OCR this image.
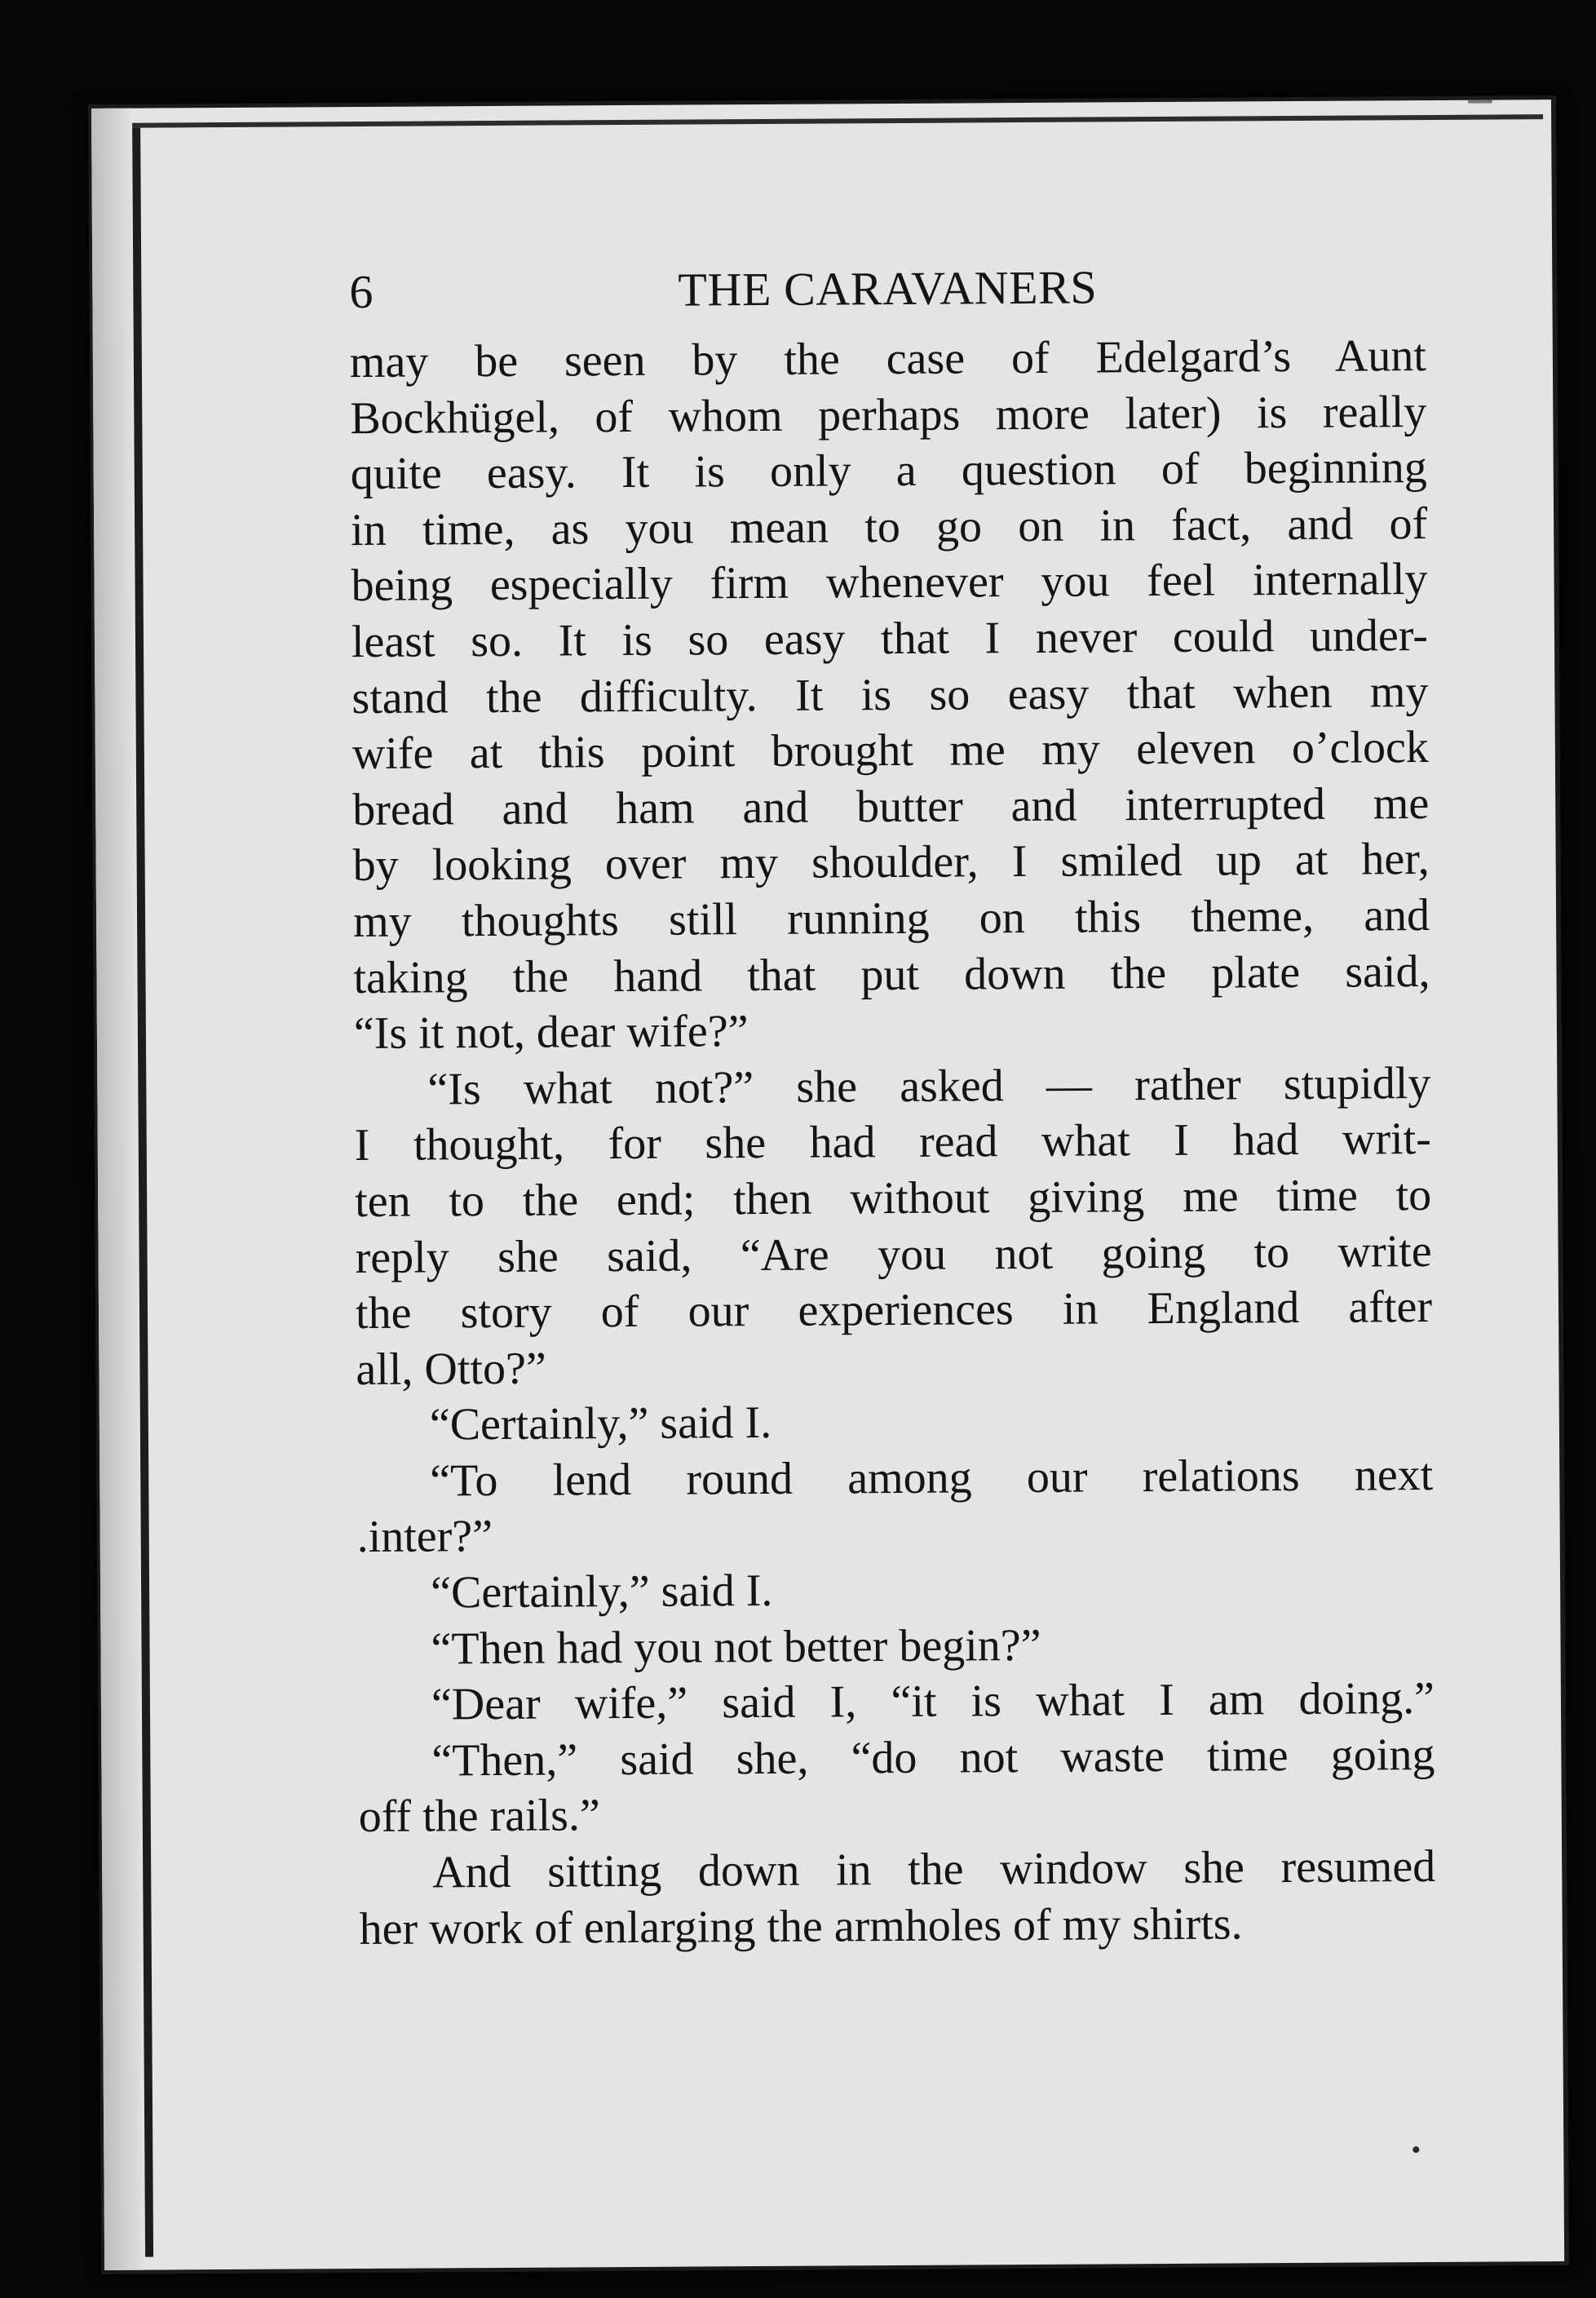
6	THE CARAVANERS
may be seen by the case of Edelgard’s Aunt
Bockhügel, of whom perhaps more later) is really
quite easy. It is only a question of beginning
in time, as you mean to go on in fact, and of
being especially firm whenever you feel internally
least so. It is so easy that I never could under-
stand the difficulty. It is so easy that when my
wife at this point brought me my eleven o’clock
bread and ham and butter and interrupted me
by looking over my shoulder, I smiled up at her,
my thoughts still running on this theme, and
taking the hand that put down the plate said,
“Is it not, dear wife?”
“Is what not?” she asked — rather stupidly
I thought, for she had read what I had writ-
ten to the end; then without giving me time to
reply she said, “Are you not going to write
the story of our experiences in England after
all, Otto?”
“Certainly,” said I.
“To lend round among our relations next
.inter?”
“Certainly,” said I.
“Then had you not better begin?”
“Dear wife,” said I, “it is what I am doing.”
“Then,” said she, “do not waste time going
off the rails.”
And sitting down in the window she resumed
her work of enlarging the armholes of my shirts.
